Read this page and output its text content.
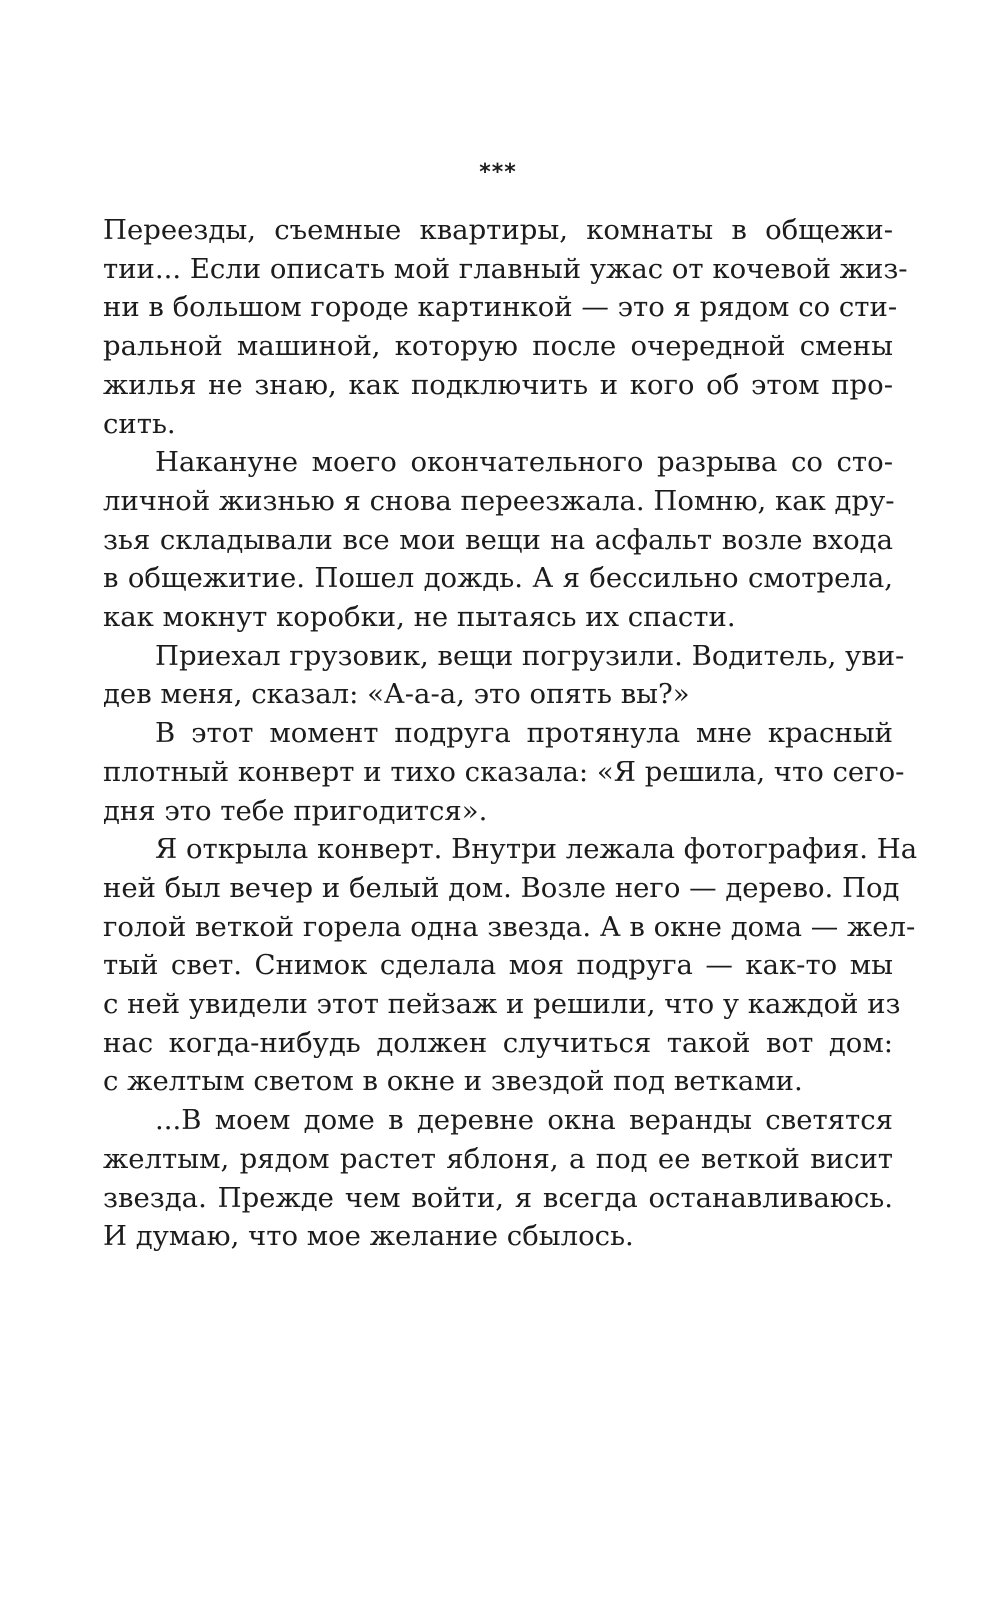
***

Переезды, съемные квартиры, комнаты в общежи-
тии... Если описать мой главный ужас от кочевой жиз-
ни в большом городе картинкой — это я рядом со сти-
ральной машиной, которую после очередной смены
жилья не знаю, как подключить и кого об этом про-
сить.

Накануне моего окончательного разрыва со сто-
личной жизнью я снова переезжала. Помню, как дру-
зья складывали все мои вещи на асфальт возле входа
в общежитие. Пошел дождь. А я бессильно смотрела,
как мокнут коробки, не пытаясь их спасти.

Приехал грузовик, вещи погрузили. Водитель, уви-
дев меня, сказал: «А-а-а, это опять вы?»

В этот момент подруга протянула мне красный
плотный конверт и тихо сказала: «Я решила, что сего-
дня это тебе пригодится».

Я открыла конверт. Внутри лежала фотография. На
ней был вечер и белый дом. Возле него — дерево. Под
голой веткой горела одна звезда. А в окне дома — жел-
тый свет. Снимок сделала моя подруга — как-то мы
с ней увидели этот пейзаж и решили, что у каждой из
нас когда-нибудь должен случиться такой вот дом:
с желтым светом в окне и звездой под ветками.

...В моем доме в деревне окна веранды светятся
желтым, рядом растет яблоня, а под ее веткой висит
звезда. Прежде чем войти, я всегда останавливаюсь.
И думаю, что мое желание сбылось.
